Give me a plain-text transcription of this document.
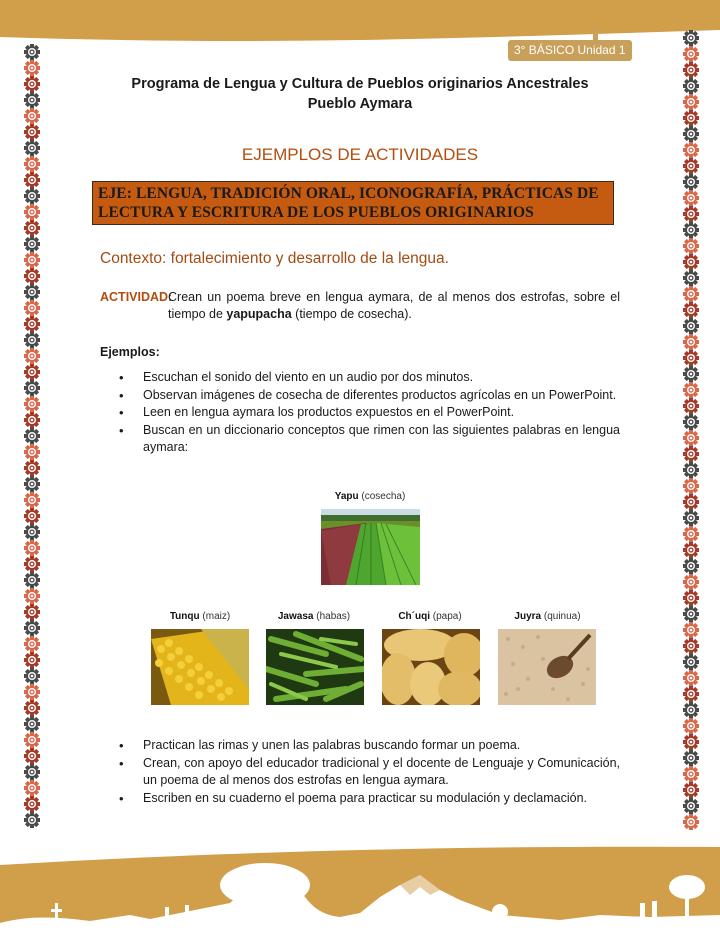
3° BÁSICO Unidad 1
Programa de Lengua y Cultura de Pueblos originarios Ancestrales
Pueblo Aymara
EJEMPLOS DE ACTIVIDADES
EJE: LENGUA, TRADICIÓN ORAL, ICONOGRAFÍA, PRÁCTICAS DE
LECTURA Y ESCRITURA DE LOS PUEBLOS ORIGINARIOS
Contexto: fortalecimiento y desarrollo de la lengua.
ACTIVIDAD:
Crean un poema breve en lengua aymara, de al menos dos estrofas, sobre el tiempo de yapupacha (tiempo de cosecha).
Ejemplos:
• Escuchan el sonido del viento en un audio por dos minutos.
• Observan imágenes de cosecha de diferentes productos agrícolas en un PowerPoint.
• Leen en lengua aymara los productos expuestos en el PowerPoint.
• Buscan en un diccionario conceptos que rimen con las siguientes palabras en lengua aymara:
Yapu (cosecha)
Tunqu (maiz)	Jawasa (habas)	Ch´uqi (papa)	Juyra (quinua)
• Practican las rimas y unen las palabras buscando formar un poema.
• Crean, con apoyo del educador tradicional y el docente de Lenguaje y Comunicación, un poema de al menos dos estrofas en lengua aymara.
• Escriben en su cuaderno el poema para practicar su modulación y declamación.
